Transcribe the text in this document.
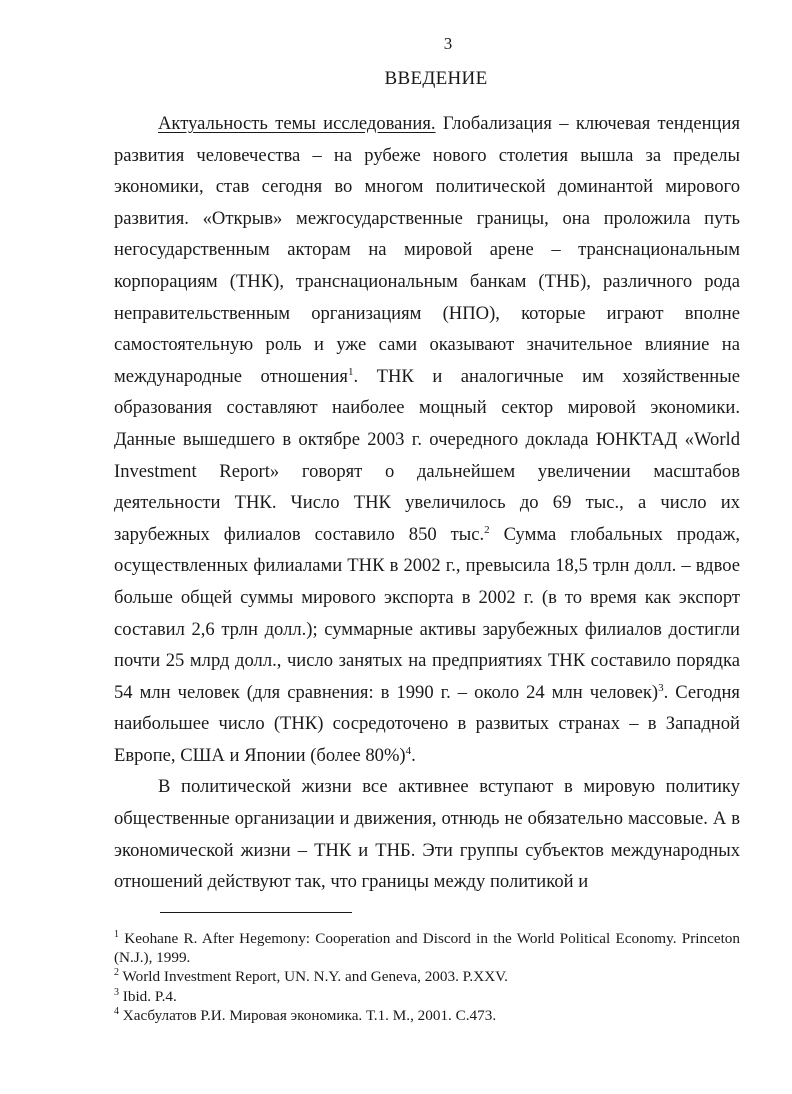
3
ВВЕДЕНИЕ

Актуальность темы исследования. Глобализация – ключевая тенденция развития человечества – на рубеже нового столетия вышла за пределы экономики, став сегодня во многом политической доминантой мирового развития. «Открыв» межгосударственные границы, она проложила путь негосударственным акторам на мировой арене – транснациональным корпорациям (ТНК), транснациональным банкам (ТНБ), различного рода неправительственным организациям (НПО), которые играют вполне самостоятельную роль и уже сами оказывают значительное влияние на международные отношения$^1$. ТНК и аналогичные им хозяйственные образования составляют наиболее мощный сектор мировой экономики. Данные вышедшего в октябре 2003 г. очередного доклада ЮНКТАД «World Investment Report» говорят о дальнейшем увеличении масштабов деятельности ТНК. Число ТНК увеличилось до 69 тыс., а число их зарубежных филиалов составило 850 тыс.$^2$ Сумма глобальных продаж, осуществленных филиалами ТНК в 2002 г., превысила 18,5 трлн долл. – вдвое больше общей суммы мирового экспорта в 2002 г. (в то время как экспорт составил 2,6 трлн долл.); суммарные активы зарубежных филиалов достигли почти 25 млрд долл., число занятых на предприятиях ТНК составило порядка 54 млн человек (для сравнения: в 1990 г. – около 24 млн человек)$^3$. Сегодня наибольшее число (ТНК) сосредоточено в развитых странах – в Западной Европе, США и Японии (более 80%)$^4$.

В политической жизни все активнее вступают в мировую политику общественные организации и движения, отнюдь не обязательно массовые. А в экономической жизни – ТНК и ТНБ. Эти группы субъектов международных отношений действуют так, что границы между политикой и

$^1$ Keohane R. After Hegemony: Cooperation and Discord in the World Political Economy. Princeton (N.J.), 1999.

$^2$ World Investment Report, UN. N.Y. and Geneva, 2003. P.XXV.

$^3$ Ibid. P.4.

$^4$ Хасбулатов Р.И. Мировая экономика. Т.1. М., 2001. С.473.
